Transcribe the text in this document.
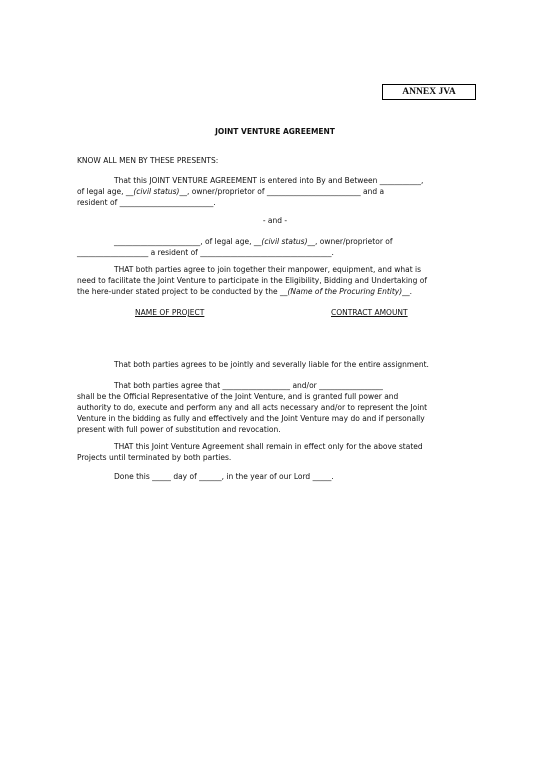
ANNEX JVA
JOINT VENTURE AGREEMENT
KNOW ALL MEN BY THESE PRESENTS:
That this JOINT VENTURE AGREEMENT is entered into By and Between ___________,
of legal age, __(civil status)__, owner/proprietor of _________________________ and a
resident of _________________________.
- and -
_______________________, of legal age, __(civil status)__, owner/proprietor of
___________________ a resident of ___________________________________.
THAT both parties agree to join together their manpower, equipment, and what is
need to facilitate the Joint Venture to participate in the Eligibility, Bidding and Undertaking of
the here-under stated project to be conducted by the __(Name of the Procuring Entity)__.
NAME OF PROJECT	CONTRACT AMOUNT
That both parties agrees to be jointly and severally liable for the entire assignment.
That both parties agree that __________________ and/or _________________
shall be the Official Representative of the Joint Venture, and is granted full power and
authority to do, execute and perform any and all acts necessary and/or to represent the Joint
Venture in the bidding as fully and effectively and the Joint Venture may do and if personally
present with full power of substitution and revocation.
THAT this Joint Venture Agreement shall remain in effect only for the above stated
Projects until terminated by both parties.
Done this _____ day of ______, in the year of our Lord _____.
